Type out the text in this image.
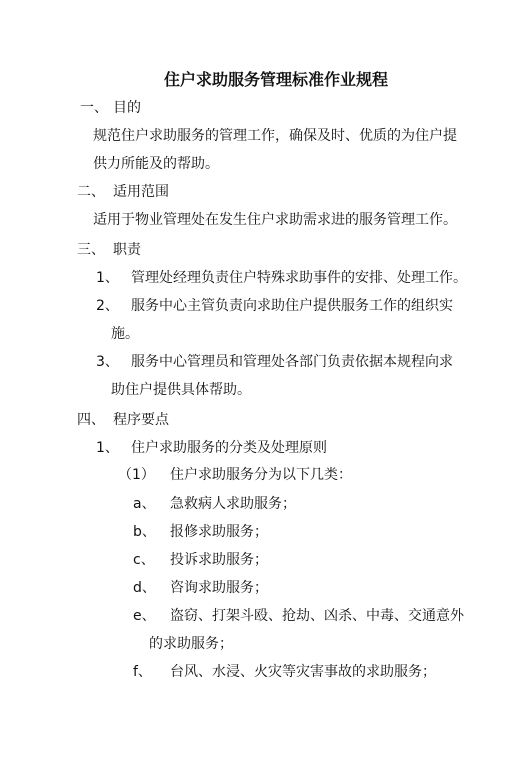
住户求助服务管理标准作业规程
一、 目的
规范住户求助服务的管理工作，确保及时、优质的为住户提
供力所能及的帮助。
二、 适用范围
适用于物业管理处在发生住户求助需求进的服务管理工作。
三、 职责
1、 管理处经理负责住户特殊求助事件的安排、处理工作。
2、 服务中心主管负责向求助住户提供服务工作的组织实
施。
3、 服务中心管理员和管理处各部门负责依据本规程向求
助住户提供具体帮助。
四、 程序要点
1、 住户求助服务的分类及处理原则
（1） 住户求助服务分为以下几类：
a、 急救病人求助服务；
b、 报修求助服务；
c、 投诉求助服务；
d、 咨询求助服务；
e、 盗窃、打架斗殴、抢劫、凶杀、中毒、交通意外
的求助服务；
f、 台风、水浸、火灾等灾害事故的求助服务；
